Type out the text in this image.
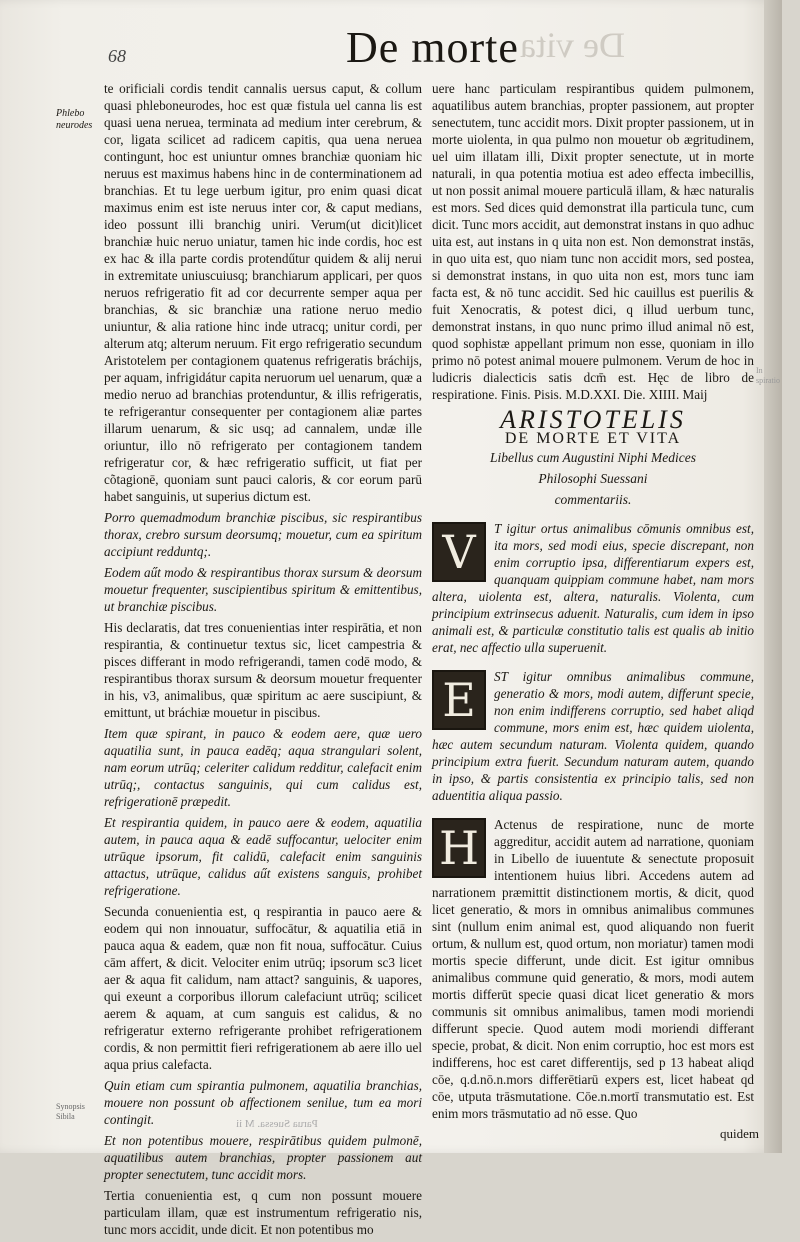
De vita
68	De morte
Phlebo neurodes
Synopsis Sibila
In spiratio

te orificiali cordis tendit cannalis uersus caput, & collum quasi phleboneurodes, hoc est quæ fistula uel canna lis est quasi uena neruea, terminata ad medium inter cerebrum, & cor, ligata scilicet ad radicem capitis, qua uena nerueа contingunt, hoc est uniuntur omnes branchiæ quoniam hic neruus est maximus habens hinc in de conterminationem ad branchias. Et tu lege uerbum igitur, pro enim quasi dicat maximus enim est iste neruus inter cor, & caput medians, ideo possunt illi branchig uniri. Verum(ut dicit)licet branchiæ huic neruo uniatur, tamen hic inde cordis, hoc est ex hac & illa parte cordis protendűtur quidem & alij nerui in extremitate uniuscuiusq; branchiarum applicari, per quos neruos refrigeratio fit ad cor decurrente semper aqua per branchias, & sic branchiæ una ratione neruo medio uniuntur, & alia ratione hinc inde utracq; unitur cordi, per alterum atq; alterum neruum. Fit ergo refrigeratio secundum Aristotelem per contagionem quatenus refrigeratis bráchijs, per aquam, infrigidátur capita neruorum uel uenarum, quæ a medio neruo ad branchias protenduntur, & illis refrigeratis, te refrigerantur consequenter per contagionem aliæ partes illarum uenarum, & sic usq; ad cannalem, undæ ille oriuntur, illo nō refrigerato per contagionem tandem refrigeratur cor, & hæc refrigeratio sufficit, ut fiat per cõtagionē, quoniam sunt pauci caloris, & cor eorum parū habet sanguinis, ut superius dictum est.

Porro quemadmodum branchiæ piscibus, sic respirantibus thorax, crebro sursum deorsumq; mouetur, cum ea spiritum accipiunt redduntq;.

Eodem aűt modo & respirantibus thorax sursum & deorsum mouetur frequenter, suscipientibus spiritum & emittentibus, ut branchiæ piscibus.

His declaratis, dat tres conuenientias inter respirātia, et non respirantia, & continuetur textus sic, licet campestria & pisces differant in modo refrigerandi, tamen codē modo, & respirantibus thorax sursum & deorsum mouetur frequenter in his, v3, animalibus, quæ spiritum ac aere suscipiunt, & emittunt, ut bráchiæ mouetur in piscibus.

Item quæ spirant, in pauco & eodem aere, quæ uero aquatilia sunt, in pauca eadēq; aqua strangulari solent, nam eorum utrūq; celeriter calidum redditur, calefacit enim utrūq;, contactus sanguinis, qui cum calidus est, refrigerationē præpedit.

Et respirantia quidem, in pauco aere & eodem, aquatilia autem, in pauca aqua & eadē suffocantur, uelociter enim utrūque ipsorum, fit calidū, calefacit enim sanguinis attactus, utrūque, calidus aűt existens sanguis, prohibet refrigeratione.

Secunda conuenientia est, q respirantia in pauco aere & eodem qui non innouatur, suffocātur, & aquatilia etiā in pauca aqua & eadem, quæ non fit noua, suffocātur. Cuius cām affert, & dicit. Velociter enim utrūq; ipsorum sc3 licet aer & aqua fit calidum, nam attact? sanguinis, & uapores, qui exeunt a corporibus illorum calefaciunt utrūq; scilicet aerem & aquam, at cum sanguis est calidus, & no refrigeratur externo refrigerante prohibet refrigerationem cordis, & non permittit fieri refrigerationem ab aere illo uel aqua prius calefacta.

Quin etiam cum spirantia pulmonem, aquatilia branchias, mouere non possunt ob affectionem senilue, tum ea mori contingit.

Et non potentibus mouere, respirātibus quidem pulmonē, aquatilibus autem branchias, propter passionem aut propter senectutem, tunc accidit mors.

Tertia conuenientia est, q cum non possunt mouere particulam illam, quæ est instrumentum refrigeratio nis, tunc mors accidit, unde dicit. Et non potentibus mo

uere hanc particulam respirantibus quidem pulmonem, aquatilibus autem branchias, propter passionem, aut propter senectutem, tunc accidit mors. Dixit propter passionem, ut in morte uiolenta, in qua pulmo non mouetur ob ægritudinem, uel uim illatam illi, Dixit propter senectute, ut in morte naturali, in qua potentia motiua est adeo effecta imbecillis, ut non possit animal mouere particulā illam, & hæc naturalis est mors. Sed dices quid demonstrat illa particula tunc, cum dicit. Tunc mors accidit, aut demonstrat instans in quo adhuc uita est, aut instans in q uita non est. Non demonstrat instās, in quo uita est, quo niam tunc non accidit mors, sed postea, si demonstrat instans, in quo uita non est, mors tunc iam facta est, & nō tunc accidit. Sed hic cauillus est puerilis & fuit Xenocratis, & potest dici, q illud uerbum tunc, demonstrat instans, in quo nunc primo illud animal nō est, quod sophistæ appellant primum non esse, quoniam in illo primo nō potest animal mouere pulmonem. Verum de hoc in ludicris dialecticis satis dcm̄ est. Hęc de libro de respiratione. Finis. Pisis. M.D.XXI. Die. XIIII. Maij

ARISTOTELIS
DE MORTE ET VITA

Libellus cum Augustini Niphi Medices

Philosophi Suessani

commentariis.

V	T igitur ortus animalibus cōmunis omnibus est, ita mors, sed modi eius, specie discrepant, non enim corruptio ipsa, differentiarum expers est, quanquam quippiam commune habet, nam mors altera, uiolenta est, altera, naturalis. Violenta, cum principium extrinsecus aduenit. Naturalis, cum idem in ipso animali est, & particulæ constitutio talis est qualis ab initio erat, nec affectio ulla superuenit.

E	ST igitur omnibus animalibus commune, generatio & mors, modi autem, differunt specie, non enim indifferens corruptio, sed habet aliqd commune, mors enim est, hæc quidem uiolenta, hæc autem secundum naturam. Violenta quidem, quando principium extra fuerit. Secundum naturam autem, quando in ipso, & partis consistentia ex principio talis, sed non aduentitia aliqua passio.

H	Actenus de respiratione, nunc de morte aggreditur, accidit autem ad narratione, quoniam in Libello de iuuentute & senectute proposuit intentionem huius libri. Accedens autem ad narrationem præmittit distinctionem mortis, & dicit, quod licet generatio, & mors in omnibus animalibus communes sint (nullum enim animal est, quod aliquando non fuerit ortum, & nullum est, quod ortum, non moriatur) tamen modi mortis specie differunt, unde dicit. Est igitur omnibus animalibus commune quid generatio, & mors, modi autem mortis differūt specie quasi dicat licet generatio & mors communis sit omnibus animalibus, tamen modi moriendi differunt specie. Quod autem modi moriendi differant specie, probat, & dicit. Non enim corruptio, hoc est mors est indifferens, hoc est caret differentijs, sed p 13 habeat aliqd cōe, q.d.nō.n.mors differētiarū expers est, licet habeat qd cōe, utputa trāsmutatione. Cōe.n.mortī transmutatio est. Est enim mors trāsmutatio ad nō esse. Quo

Parua Suessa. M ii
quidem
